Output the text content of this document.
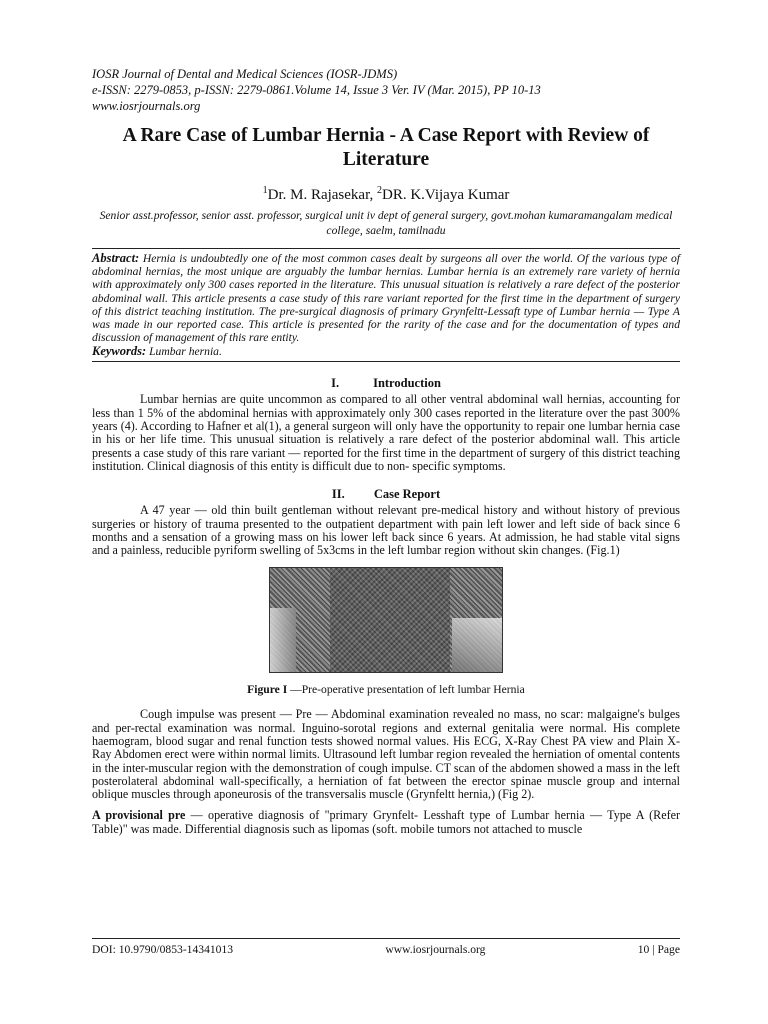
IOSR Journal of Dental and Medical Sciences (IOSR-JDMS)
e-ISSN: 2279-0853, p-ISSN: 2279-0861.Volume 14, Issue 3 Ver. IV (Mar. 2015), PP 10-13
www.iosrjournals.org
A Rare Case of Lumbar Hernia - A Case Report with Review of Literature
$^1$Dr. M. Rajasekar, $^2$DR. K.Vijaya Kumar
Senior asst.professor, senior asst. professor, surgical unit iv dept of general surgery, govt.mohan kumaramangalam medical college, saelm, tamilnadu
Abstract: Hernia is undoubtedly one of the most common cases dealt by surgeons all over the world. Of the various type of abdominal hernias, the most unique are arguably the lumbar hernias. Lumbar hernia is an extremely rare variety of hernia with approximately only 300 cases reported in the literature. This unusual situation is relatively a rare defect of the posterior abdominal wall. This article presents a case study of this rare variant reported for the first time in the department of surgery of this district teaching institution. The pre-surgical diagnosis of primary Grynfeltt-Lessaft type of Lumbar hernia — Type A was made in our reported case. This article is presented for the rarity of the case and for the documentation of types and discussion of management of this rare entity.
Keywords: Lumbar hernia.
I.	Introduction
Lumbar hernias are quite uncommon as compared to all other ventral abdominal wall hernias, accounting for less than 1 5% of the abdominal hernias with approximately only 300 cases reported in the literature over the past 300% years (4). According to Hafner et al(1), a general surgeon will only have the opportunity to repair one lumbar hernia case in his or her life time. This unusual situation is relatively a rare defect of the posterior abdominal wall. This article presents a case study of this rare variant — reported for the first time in the department of surgery of this district teaching institution. Clinical diagnosis of this entity is difficult due to non- specific symptoms.
II. Case Report
A 47 year — old thin built gentleman without relevant pre-medical history and without history of previous surgeries or history of trauma presented to the outpatient department with pain left lower and left side of back since 6 months and a sensation of a growing mass on his lower left back since 6 years. At admission, he had stable vital signs and a painless, reducible pyriform swelling of 5x3cms in the left lumbar region without skin changes. (Fig.1)
Figure I —Pre-operative presentation of left lumbar Hernia
Cough impulse was present — Pre — Abdominal examination revealed no mass, no scar: malgaigne's bulges and per-rectal examination was normal. Inguino-sorotal regions and external genitalia were normal. His complete haemogram, blood sugar and renal function tests showed normal values. His ECG, X-Ray Chest PA view and Plain X-Ray Abdomen erect were within normal limits. Ultrasound left lumbar region revealed the herniation of omental contents in the inter-muscular region with the demonstration of cough impulse. CT scan of the abdomen showed a mass in the left posterolateral abdominal wall-specifically, a herniation of fat between the erector spinae muscle group and internal oblique muscles through aponeurosis of the transversalis muscle (Grynfeltt hernia,) (Fig 2).
A provisional pre — operative diagnosis of "primary Grynfelt- Lesshaft type of Lumbar hernia — Type A (Refer Table)" was made. Differential diagnosis such as lipomas (soft. mobile tumors not attached to muscle
DOI: 10.9790/0853-14341013	www.iosrjournals.org	10 | Page
